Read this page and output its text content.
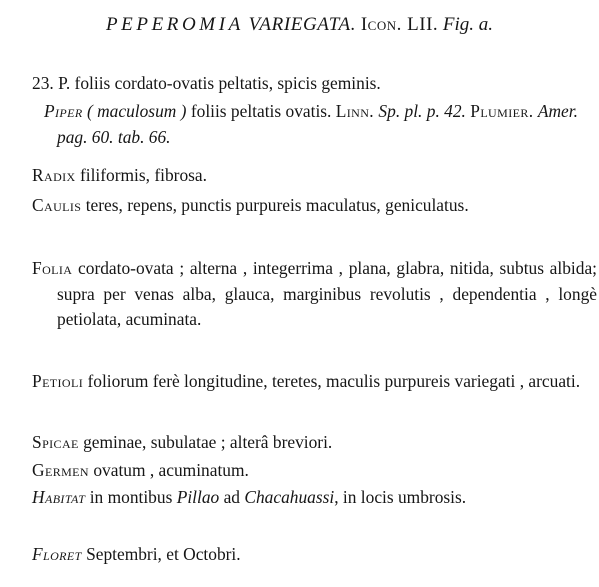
PEPEROMIA VARIEGATA. Icon. LII. Fig. a.
23. P. foliis cordato-ovatis peltatis, spicis geminis.
Piper ( maculosum ) foliis peltatis ovatis. Linn. Sp. pl. p. 42. Plumier. Amer. pag. 60. tab. 66.
Radix filiformis, fibrosa.
Caulis teres, repens, punctis purpureis maculatus, geniculatus.
Folia cordato-ovata ; alterna , integerrima , plana, glabra, nitida, subtus albida; supra per venas alba, glauca, marginibus revolutis , dependentia , longè petiolata, acuminata.
Petioli foliorum ferè longitudine, teretes, maculis purpureis variegati , arcuati.
Spicae geminae, subulatae ; alterâ breviori.
Germen ovatum , acuminatum.
Habitat in montibus Pillao ad Chacahuassi, in locis umbrosis.
Floret Septembri, et Octobri.
